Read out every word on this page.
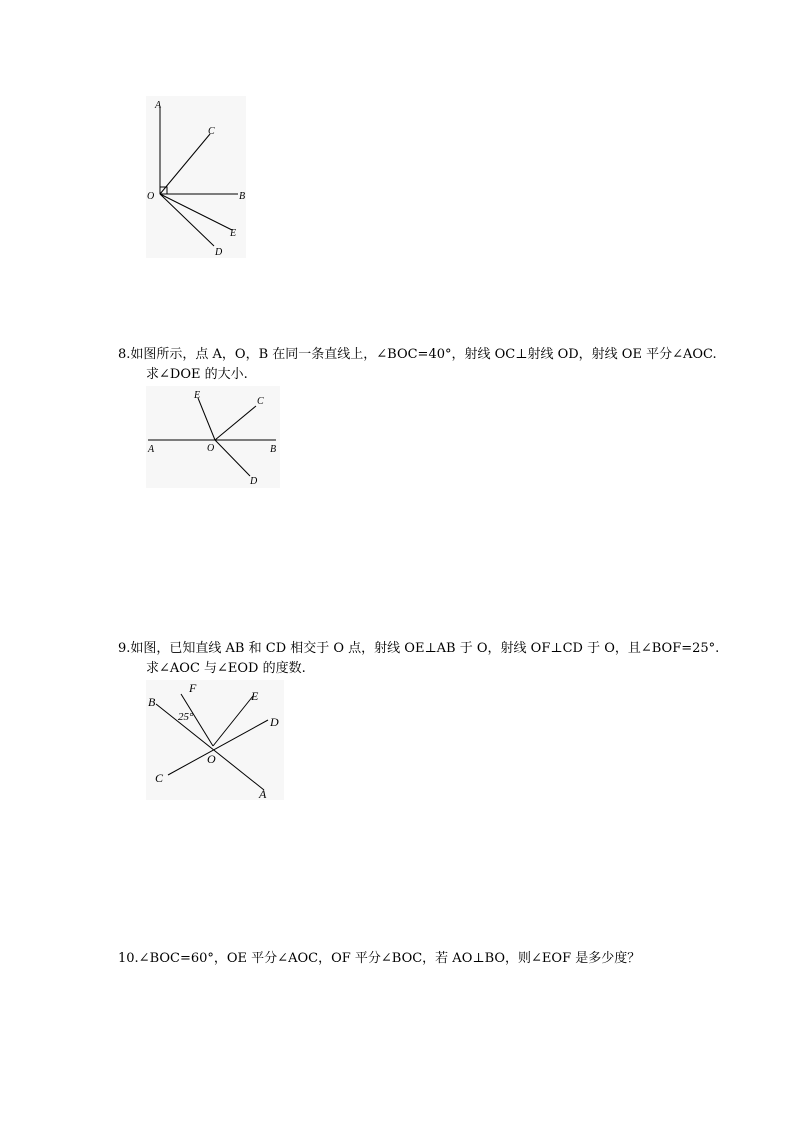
A
C
O	B
E
D

8.如图所示，点 A，O，B 在同一条直线上，∠BOC=40°，射线 OC⊥射线 OD，射线 OE 平分∠AOC.

求∠DOE 的大小.

E
C
A	O	B
D

9.如图，已知直线 AB 和 CD 相交于 O 点，射线 OE⊥AB 于 O，射线 OF⊥CD 于 O，且∠BOF=25°.

求∠AOC 与∠EOD 的度数.

F
E
B
D
25°
O
C
A

10.∠BOC=60°，OE 平分∠AOC，OF 平分∠BOC，若 AO⊥BO，则∠EOF 是多少度？
